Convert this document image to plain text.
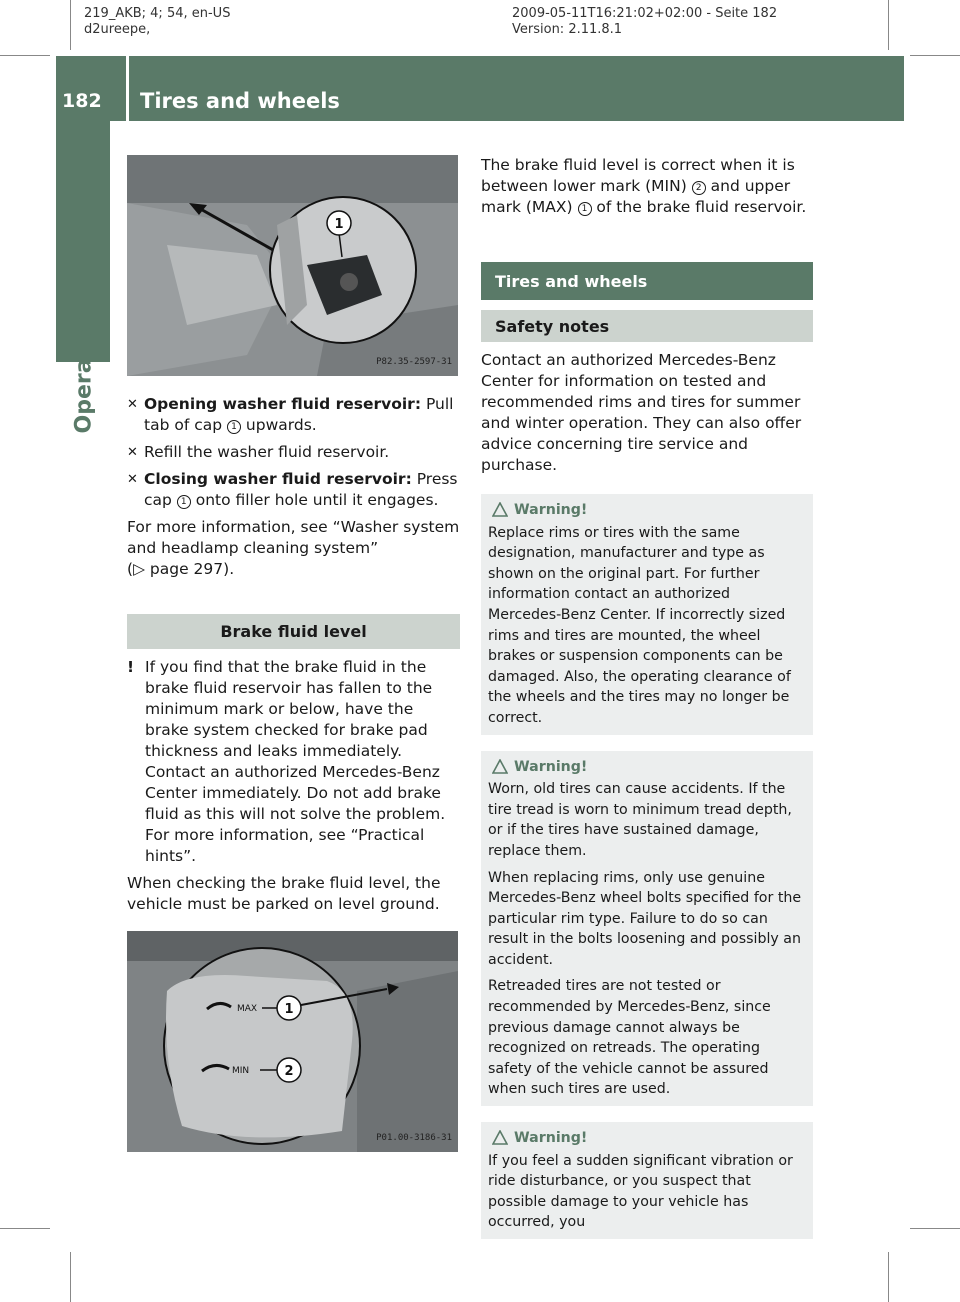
219_AKB; 4; 54, en-US
d2ureepe,
2009-05-11T16:21:02+02:00 - Seite 182
Version: 2.11.8.1
182 Tires and wheels
Operation
1
P82.35-2597-31
✕ Opening washer fluid reservoir: Pull tab of cap 1 upwards.
✕ Refill the washer fluid reservoir.
✕ Closing washer fluid reservoir: Press cap 1 onto filler hole until it engages.
For more information, see “Washer system and headlamp cleaning system”
(▷ page 297).
Brake fluid level
! If you find that the brake fluid in the brake fluid reservoir has fallen to the minimum mark or below, have the brake system checked for brake pad thickness and leaks immediately. Contact an authorized Mercedes-Benz Center immediately. Do not add brake fluid as this will not solve the problem. For more information, see “Practical hints”.
When checking the brake fluid level, the vehicle must be parked on level ground.
MAX
MIN
1
2
P01.00-3186-31
The brake fluid level is correct when it is between lower mark (MIN) 2 and upper mark (MAX) 1 of the brake fluid reservoir.
Tires and wheels
Safety notes
Contact an authorized Mercedes-Benz Center for information on tested and recommended rims and tires for summer and winter operation. They can also offer advice concerning tire service and purchase.
Warning!

Replace rims or tires with the same designation, manufacturer and type as shown on the original part. For further information contact an authorized Mercedes-Benz Center. If incorrectly sized rims and tires are mounted, the wheel brakes or suspension components can be damaged. Also, the operating clearance of the wheels and the tires may no longer be correct.

Warning!

Worn, old tires can cause accidents. If the tire tread is worn to minimum tread depth, or if the tires have sustained damage, replace them.

When replacing rims, only use genuine Mercedes-Benz wheel bolts specified for the particular rim type. Failure to do so can result in the bolts loosening and possibly an accident.

Retreaded tires are not tested or recommended by Mercedes-Benz, since previous damage cannot always be recognized on retreads. The operating safety of the vehicle cannot be assured when such tires are used.

Warning!

If you feel a sudden significant vibration or ride disturbance, or you suspect that possible damage to your vehicle has occurred, you
